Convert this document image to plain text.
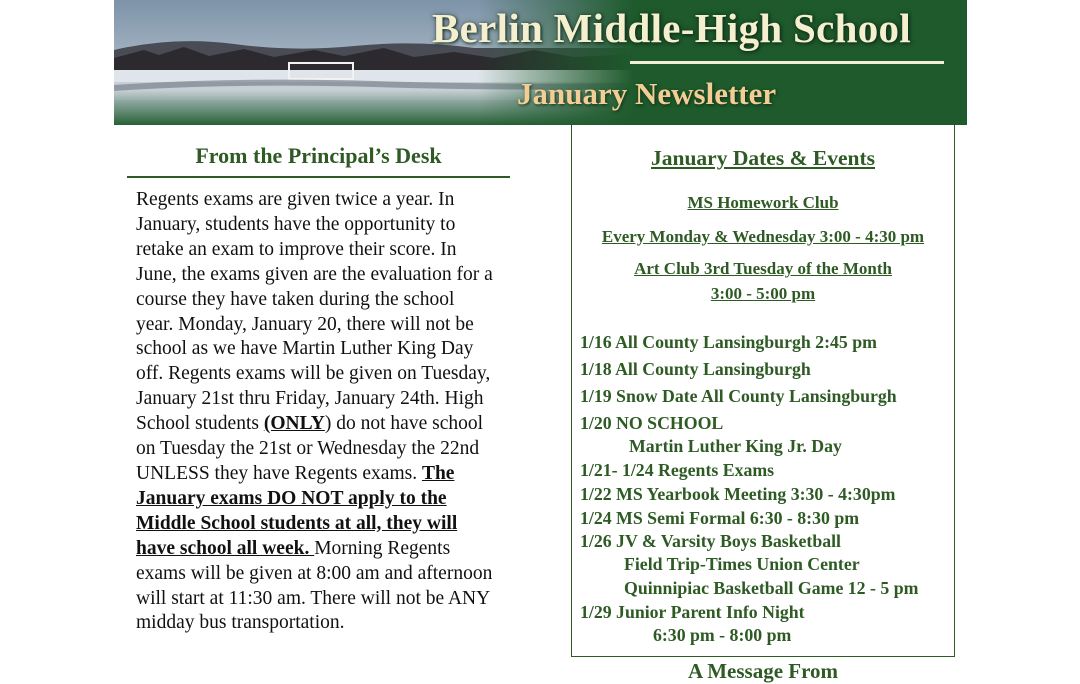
Berlin Middle-High School
January Newsletter
From the Principal’s Desk
Regents exams are given twice a year. In January, students have the opportunity to retake an exam to improve their score. In June, the exams given are the evaluation for a course they have taken during the school year. Monday, January 20, there will not be school as we have Martin Luther King Day off. Regents exams will be given on Tuesday, January 21st thru Friday, January 24th. High School students (ONLY) do not have school on Tuesday the 21st or Wednesday the 22nd UNLESS they have Regents exams. The January exams DO NOT apply to the Middle School students at all, they will have school all week. Morning Regents exams will be given at 8:00 am and afternoon will start at 11:30 am. There will not be ANY midday bus transportation.
January Dates & Events
MS Homework Club
Every Monday & Wednesday 3:00 - 4:30 pm
Art Club 3rd Tuesday of the Month
3:00 - 5:00 pm
1/16 All County Lansingburgh 2:45 pm
1/18 All County Lansingburgh
1/19 Snow Date All County Lansingburgh
1/20 NO SCHOOL
Martin Luther King Jr. Day
1/21- 1/24 Regents Exams
1/22 MS Yearbook Meeting 3:30 - 4:30pm
1/24 MS Semi Formal 6:30 - 8:30 pm
1/26 JV & Varsity Boys Basketball
Field Trip-Times Union Center
Quinnipiac Basketball Game 12 - 5 pm
1/29 Junior Parent Info Night
6:30 pm - 8:00 pm
A Message From
